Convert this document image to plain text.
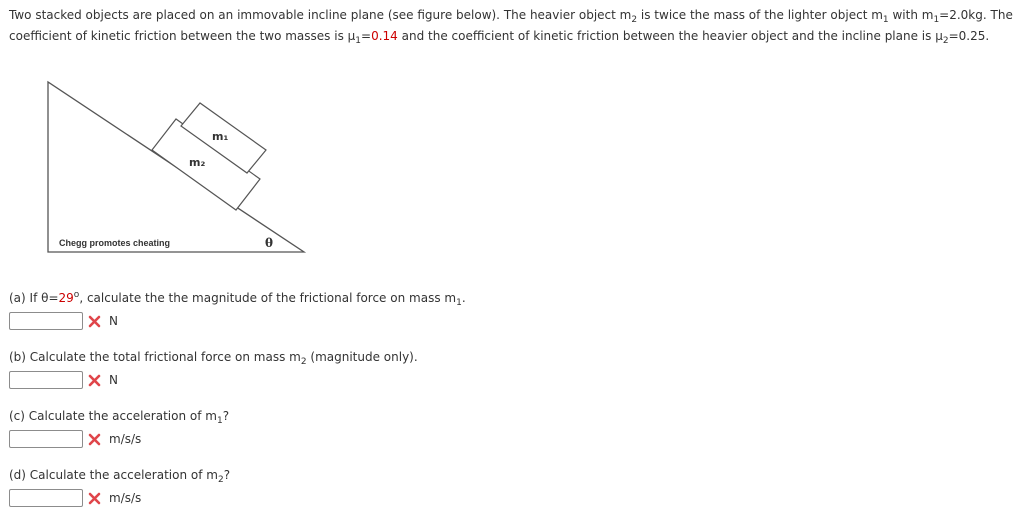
Two stacked objects are placed on an immovable incline plane (see figure below). The heavier object $m_2$ is twice the mass of the lighter object $m_1$ with $m_1=2.0kg$. The coefficient of kinetic friction between the two masses is $\mu_1=0.14$ and the coefficient of kinetic friction between the heavier object and the incline plane is $\mu_2=0.25$.
m₁
m₂
θ
Chegg promotes cheating
(a) If $\theta=29^o$, calculate the the magnitude of the frictional force on mass $m_1$.
N
(b) Calculate the total frictional force on mass $m_2$ (magnitude only).
N
(c) Calculate the acceleration of $m_1$?
m/s/s
(d) Calculate the acceleration of $m_2$?
m/s/s
